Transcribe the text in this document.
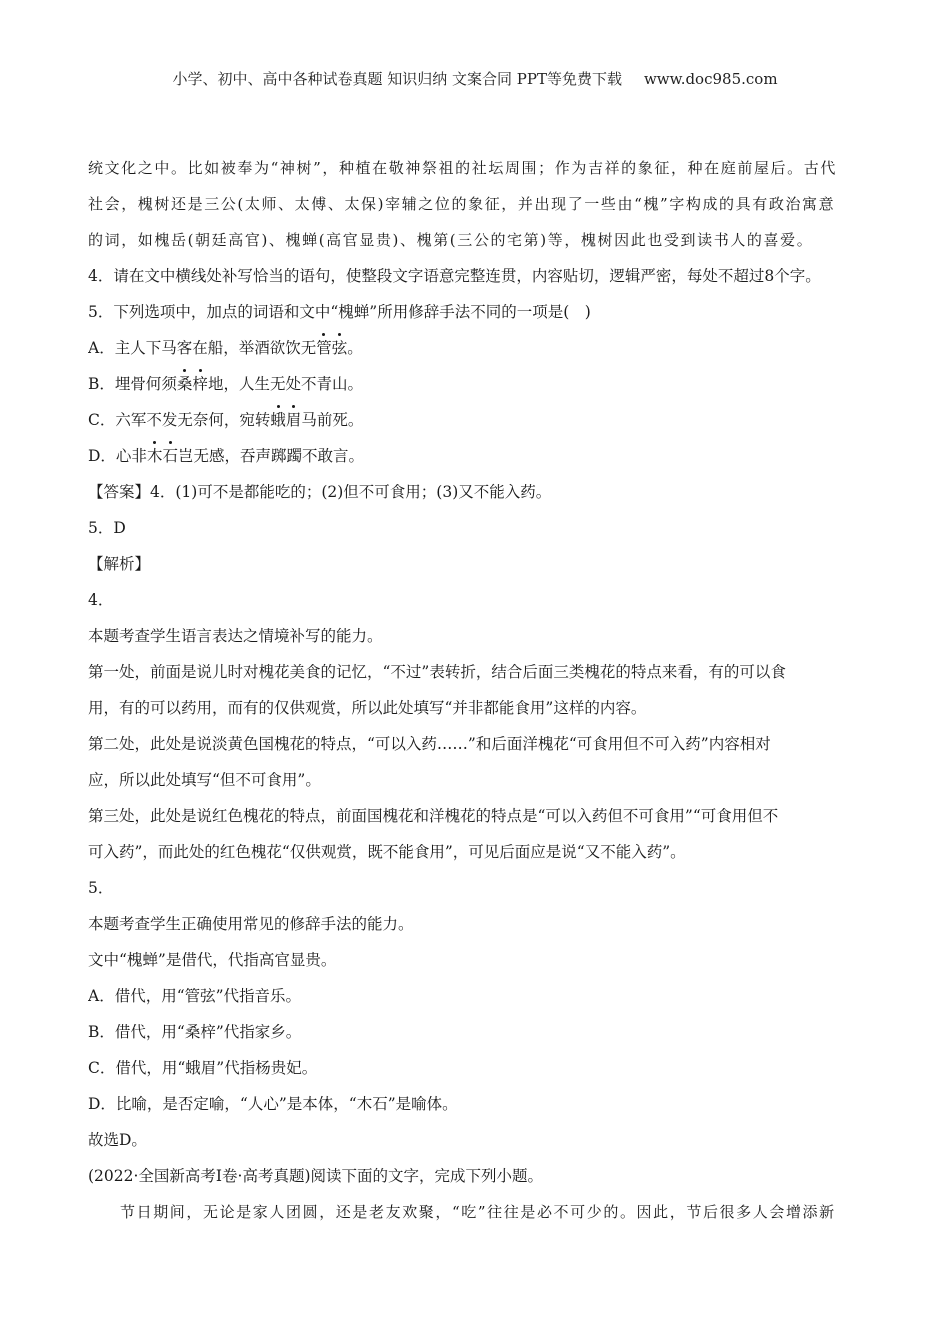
小学、初中、高中各种试卷真题 知识归纳 文案合同 PPT等免费下载 www.doc985.com
统文化之中。比如被奉为“神树”，种植在敬神祭祖的社坛周围；作为吉祥的象征，种在庭前屋后。古代
社会，槐树还是三公(太师、太傅、太保)宰辅之位的象征，并出现了一些由“槐”字构成的具有政治寓意
的词，如槐岳(朝廷高官)、槐蝉(高官显贵)、槐第(三公的宅第)等，槐树因此也受到读书人的喜爱。
4．请在文中横线处补写恰当的语句，使整段文字语意完整连贯，内容贴切，逻辑严密，每处不超过8个字。
5．下列选项中，加点的词语和文中“槐蝉”所用修辞手法不同的一项是(　)
A．主人下马客在船，举酒欲饮无管弦。
B．埋骨何须桑梓地，人生无处不青山。
C．六军不发无奈何，宛转蛾眉马前死。
D．心非木石岂无感，吞声踯躅不敢言。
【答案】4．(1)可不是都能吃的；(2)但不可食用；(3)又不能入药。
5．D
【解析】
4．
本题考查学生语言表达之情境补写的能力。
第一处，前面是说儿时对槐花美食的记忆，“不过”表转折，结合后面三类槐花的特点来看，有的可以食
用，有的可以药用，而有的仅供观赏，所以此处填写“并非都能食用”这样的内容。
第二处，此处是说淡黄色国槐花的特点，“可以入药……”和后面洋槐花“可食用但不可入药”内容相对
应，所以此处填写“但不可食用”。
第三处，此处是说红色槐花的特点，前面国槐花和洋槐花的特点是“可以入药但不可食用”“可食用但不
可入药”，而此处的红色槐花“仅供观赏，既不能食用”，可见后面应是说“又不能入药”。
5．
本题考查学生正确使用常见的修辞手法的能力。
文中“槐蝉”是借代，代指高官显贵。
A．借代，用“管弦”代指音乐。
B．借代，用“桑梓”代指家乡。
C．借代，用“蛾眉”代指杨贵妃。
D．比喻，是否定喻，“人心”是本体，“木石”是喻体。
故选D。
(2022·全国新高考Ⅰ卷·高考真题)阅读下面的文字，完成下列小题。
节日期间，无论是家人团圆，还是老友欢聚，“吃”往往是必不可少的。因此，节后很多人会增添新
